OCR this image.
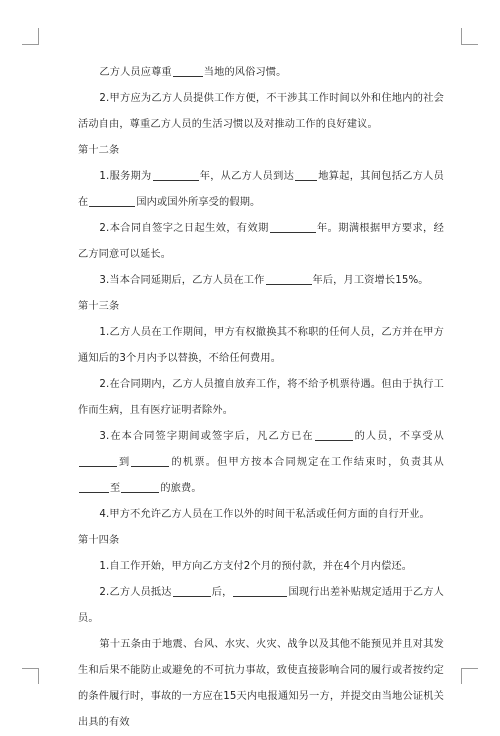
乙方人员应尊重	当地的风俗习惯。

2.甲方应为乙方人员提供工作方便，不干涉其工作时间以外和住地内的社会活动自由，尊重乙方人员的生活习惯以及对推动工作的良好建议。

第十二条

1.服务期为	年，从乙方人员到达 地算起，其间包括乙方人员在	国内或国外所享受的假期。

2.本合同自签字之日起生效，有效期	年。期满根据甲方要求，经乙方同意可以延长。

3.当本合同延期后，乙方人员在工作	年后，月工资增长15%。

第十三条

1.乙方人员在工作期间，甲方有权撤换其不称职的任何人员，乙方并在甲方通知后的3个月内予以替换，不给任何费用。

2.在合同期内，乙方人员擅自放弃工作，将不给予机票待遇。但由于执行工作而生病，且有医疗证明者除外。

3.在本合同签字期间或签字后，凡乙方已在	的人员，不享受从到	的机票。但甲方按本合同规定在工作结束时，负责其从至	的旅费。

4.甲方不允许乙方人员在工作以外的时间干私活或任何方面的自行开业。

第十四条

1.自工作开始，甲方向乙方支付2个月的预付款，并在4个月内偿还。

2.乙方人员抵达	后，	国现行出差补贴规定适用于乙方人员。

第十五条由于地震、台风、水灾、火灾、战争以及其他不能预见并且对其发生和后果不能防止或避免的不可抗力事故，致使直接影响合同的履行或者按约定的条件履行时，事故的一方应在15天内电报通知另一方，并提交由当地公证机关出具的有效
